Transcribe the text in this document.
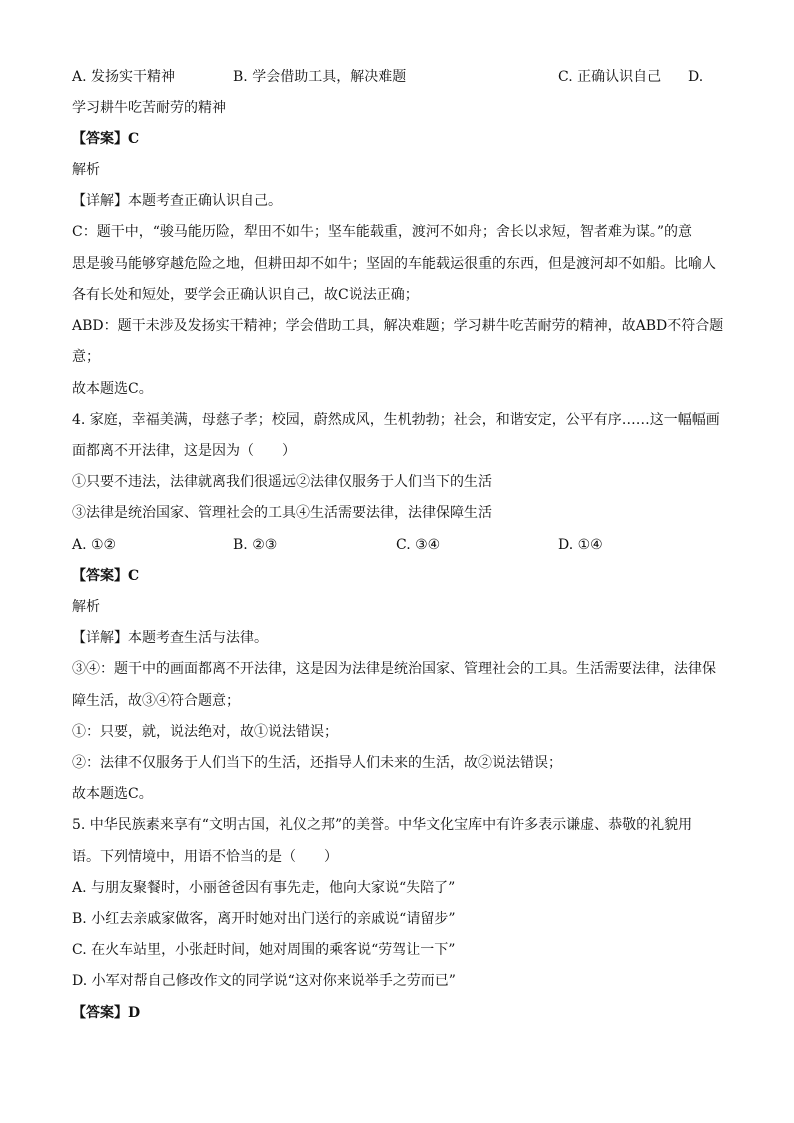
A. 发扬实干精神	B. 学会借助工具，解决难题	C. 正确认识自己 D.
学习耕牛吃苦耐劳的精神
【答案】C
解析
【详解】本题考查正确认识自己。
C：题干中，“骏马能历险，犁田不如牛；坚车能载重，渡河不如舟；舍长以求短，智者难为谋。”的意
思是骏马能够穿越危险之地，但耕田却不如牛；坚固的车能载运很重的东西，但是渡河却不如船。比喻人
各有长处和短处，要学会正确认识自己，故C说法正确；
ABD：题干未涉及发扬实干精神；学会借助工具，解决难题；学习耕牛吃苦耐劳的精神，故ABD不符合题
意；
故本题选C。
4. 家庭，幸福美满，母慈子孝；校园，蔚然成风，生机勃勃；社会，和谐安定，公平有序……这一幅幅画
面都离不开法律，这是因为（　　）
①只要不违法，法律就离我们很遥远②法律仅服务于人们当下的生活
③法律是统治国家、管理社会的工具④生活需要法律，法律保障生活
A. ①②	B. ②③	C. ③④	D. ①④
【答案】C
解析
【详解】本题考查生活与法律。
③④：题干中的画面都离不开法律，这是因为法律是统治国家、管理社会的工具。生活需要法律，法律保
障生活，故③④符合题意；
①：只要，就，说法绝对，故①说法错误；
②：法律不仅服务于人们当下的生活，还指导人们未来的生活，故②说法错误；
故本题选C。
5. 中华民族素来享有“文明古国，礼仪之邦”的美誉。中华文化宝库中有许多表示谦虚、恭敬的礼貌用
语。下列情境中，用语不恰当的是（　　）
A. 与朋友聚餐时，小丽爸爸因有事先走，他向大家说“失陪了”
B. 小红去亲戚家做客，离开时她对出门送行的亲戚说“请留步”
C. 在火车站里，小张赶时间，她对周围的乘客说“劳驾让一下”
D. 小军对帮自己修改作文的同学说“这对你来说举手之劳而已”
【答案】D
